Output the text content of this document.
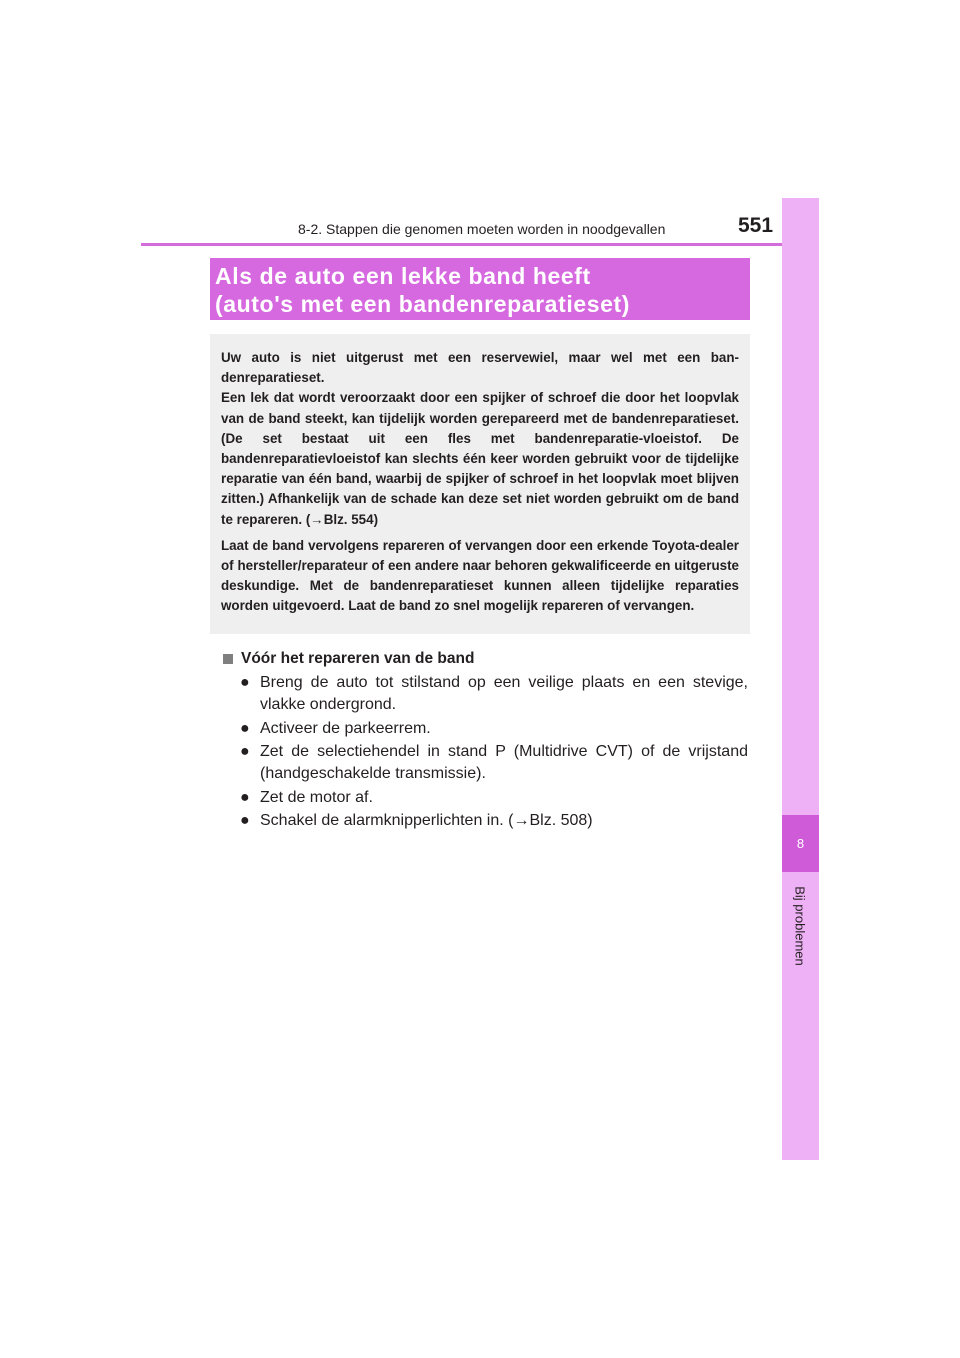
8-2. Stappen die genomen moeten worden in noodgevallen	551
8
Bij problemen
Als de auto een lekke band heeft
(auto's met een bandenreparatieset)

Uw auto is niet uitgerust met een reservewiel, maar wel met een ban-denreparatieset.
Een lek dat wordt veroorzaakt door een spijker of schroef die door het loopvlak van de band steekt, kan tijdelijk worden gerepareerd met de bandenreparatieset. (De set bestaat uit een fles met bandenreparatie-vloeistof. De bandenreparatievloeistof kan slechts één keer worden gebruikt voor de tijdelijke reparatie van één band, waarbij de spijker of schroef in het loopvlak moet blijven zitten.) Afhankelijk van de schade kan deze set niet worden gebruikt om de band te repareren. (→Blz. 554)

Laat de band vervolgens repareren of vervangen door een erkende Toyota-dealer of hersteller/reparateur of een andere naar behoren gekwalificeerde en uitgeruste deskundige. Met de bandenreparatieset kunnen alleen tijdelijke reparaties worden uitgevoerd. Laat de band zo snel mogelijk repareren of vervangen.

Vóór het repareren van de band
● Breng de auto tot stilstand op een veilige plaats en een stevige, vlakke ondergrond.
● Activeer de parkeerrem.
● Zet de selectiehendel in stand P (Multidrive CVT) of de vrijstand (handgeschakelde transmissie).
● Zet de motor af.
● Schakel de alarmknipperlichten in. (→Blz. 508)
